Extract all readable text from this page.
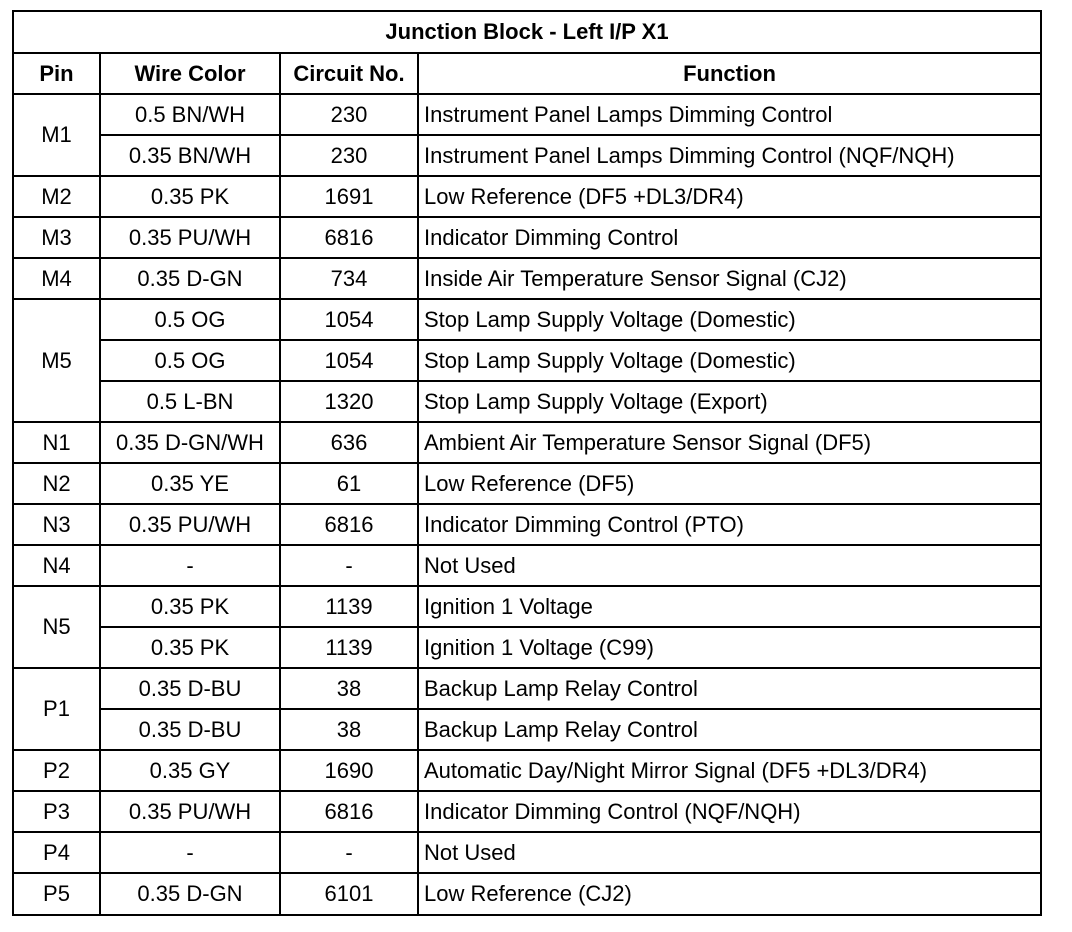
Junction Block - Left I/P X1			
Pin	Wire Color	Circuit No.	Function
M1	0.5 BN/WH	230	Instrument Panel Lamps Dimming Control
	0.35 BN/WH	230	Instrument Panel Lamps Dimming Control (NQF/NQH)
M2	0.35 PK	1691	Low Reference (DF5 +DL3/DR4)
M3	0.35 PU/WH	6816	Indicator Dimming Control
M4	0.35 D-GN	734	Inside Air Temperature Sensor Signal (CJ2)
M5	0.5 OG	1054	Stop Lamp Supply Voltage (Domestic)
	0.5 OG	1054	Stop Lamp Supply Voltage (Domestic)
	0.5 L-BN	1320	Stop Lamp Supply Voltage (Export)
N1	0.35 D-GN/WH	636	Ambient Air Temperature Sensor Signal (DF5)
N2	0.35 YE	61	Low Reference (DF5)
N3	0.35 PU/WH	6816	Indicator Dimming Control (PTO)
N4	-	-	Not Used
N5	0.35 PK	1139	Ignition 1 Voltage
	0.35 PK	1139	Ignition 1 Voltage (C99)
P1	0.35 D-BU	38	Backup Lamp Relay Control
	0.35 D-BU	38	Backup Lamp Relay Control
P2	0.35 GY	1690	Automatic Day/Night Mirror Signal (DF5 +DL3/DR4)
P3	0.35 PU/WH	6816	Indicator Dimming Control (NQF/NQH)
P4	-	-	Not Used
P5	0.35 D-GN	6101	Low Reference (CJ2)
